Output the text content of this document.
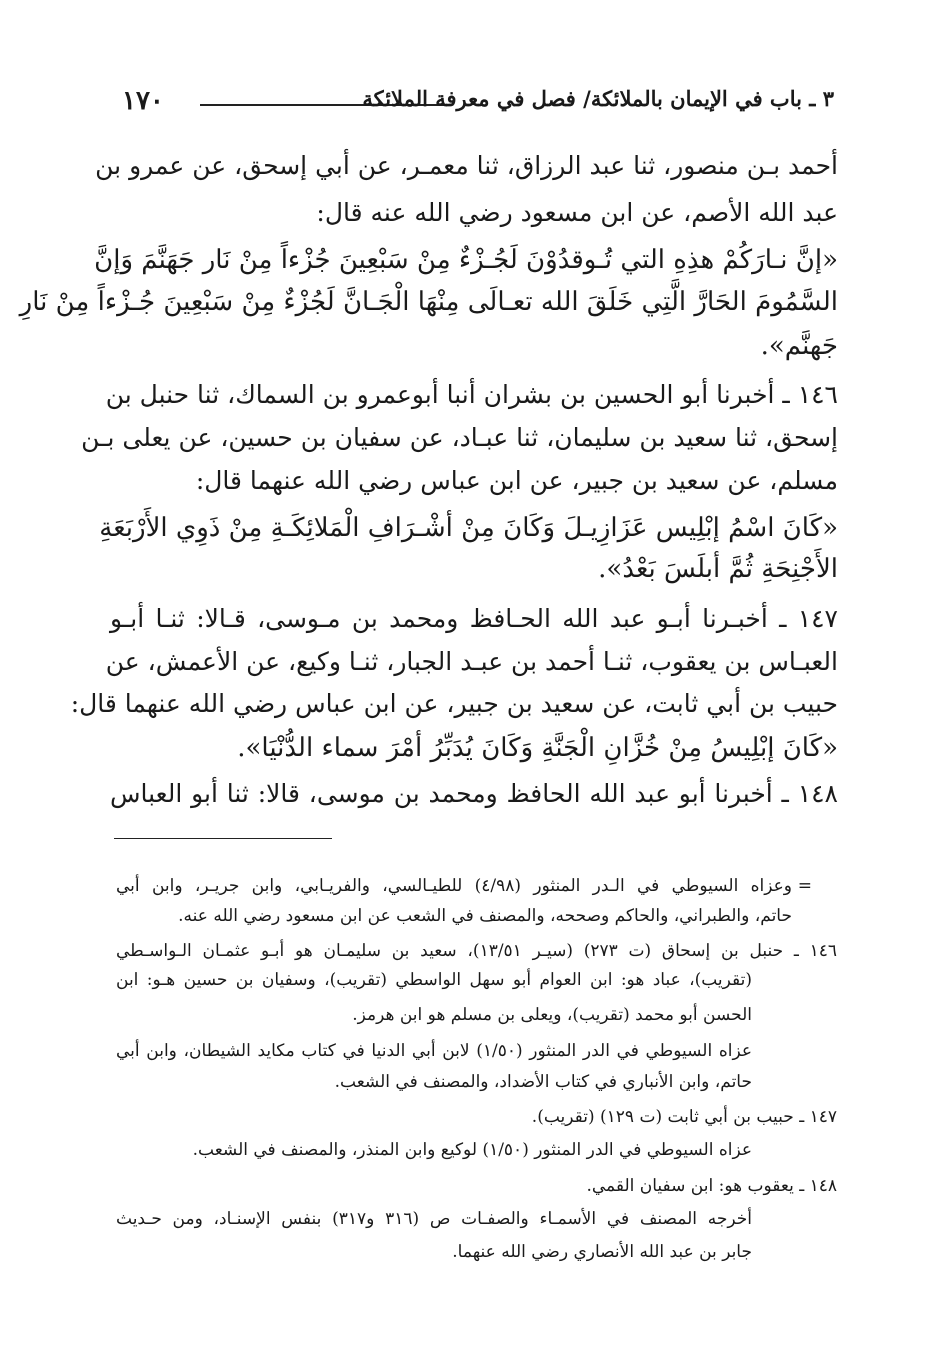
١٧٠	٣ ـ باب في الإيمان بالملائكة/ فصل في معرفة الملائكة
أحمد بـن منصور، ثنا عبد الرزاق، ثنا معمـر، عن أبي إسحق، عن عمرو بن
عبد الله الأصم، عن ابن مسعود رضي الله عنه قال:
«إنَّ نـارَكُمْ هذِهِ التي تُـوقدُوْنَ لَجُـزْءٌ مِنْ سَبْعِينَ جُزْءاً مِنْ نَار جَهَنَّمَ وَإنَّ
السَّمُومَ الحَارَّ الَّتِي خَلَقَ الله تعـالَى مِنْهَا الْجَـانَّ لَجُزْءٌ مِنْ سَبْعِينَ جُـزْءاً مِنْ نَارِ
جَهنَّم».
١٤٦ ـ أخبرنا أبو الحسين بن بشران أنبا أبوعمرو بن السماك، ثنا حنبل بن
إسحق، ثنا سعيد بن سليمان، ثنا عبـاد، عن سفيان بن حسين، عن يعلى بـن
مسلم، عن سعيد بن جبير، عن ابن عباس رضي الله عنهما قال:
«كَانَ اسْمُ إبْلِيس عَزَازِيـلَ وَكَانَ مِنْ أشْـرَافِ الْمَلائِكَـةِ مِنْ ذَوِي الأَرْبَعَةِ
الأَجْنِحَةِ ثُمَّ أبلَسَ بَعْدُ».
١٤٧ ـ أخبـرنا أبـو عبد الله الحـافظ ومحمد بن مـوسى، قـالا: ثنـا أبـو
العبـاس بن يعقوب، ثنـا أحمد بن عبـد الجبار، ثنـا وكيع، عن الأعمش، عن
حبيب بن أبي ثابت، عن سعيد بن جبير، عن ابن عباس رضي الله عنهما قال:
«كَانَ إبْلِيسُ مِنْ خُزَّانِ الْجَنَّةِ وَكَانَ يُدَبِّرُ أمْرَ سماء الدُّنْيَا».
١٤٨ ـ أخبرنا أبو عبد الله الحافظ ومحمد بن موسى، قالا: ثنا أبو العباس
=
وعزاه السيوطي في الـدر المنثور (٤/٩٨) للطيـالسي، والفريـابي، وابن جريـر، وابن أبي
حاتم، والطبراني، والحاكم وصححه، والمصنف في الشعب عن ابن مسعود رضي الله عنه.
١٤٦ ـ حنبل بن إسحاق (ت ٢٧٣) (سيـر ١٣/٥١)، سعيد بن سليمـان هو أبـو عثمـان الـواسـطي
(تقريب)، عباد هو: ابن العوام أبو سهل الواسطي (تقريب)، وسفيان بن حسين هـو: ابن
الحسن أبو محمد (تقريب)، ويعلى بن مسلم هو ابن هرمز.
عزاه السيوطي في الدر المنثور (١/٥٠) لابن أبي الدنيا في كتاب مكايد الشيطان، وابن أبي
حاتم، وابن الأنباري في كتاب الأضداد، والمصنف في الشعب.
١٤٧ ـ حبيب بن أبي ثابت (ت ١٢٩) (تقريب).
عزاه السيوطي في الدر المنثور (١/٥٠) لوكيع وابن المنذر، والمصنف في الشعب.
١٤٨ ـ يعقوب هو: ابن سفيان القمي.
أخرجه المصنف في الأسمـاء والصفـات ص (٣١٦ و٣١٧) بنفس الإسنـاد، ومن حـديث
جابر بن عبد الله الأنصاري رضي الله عنهما.
